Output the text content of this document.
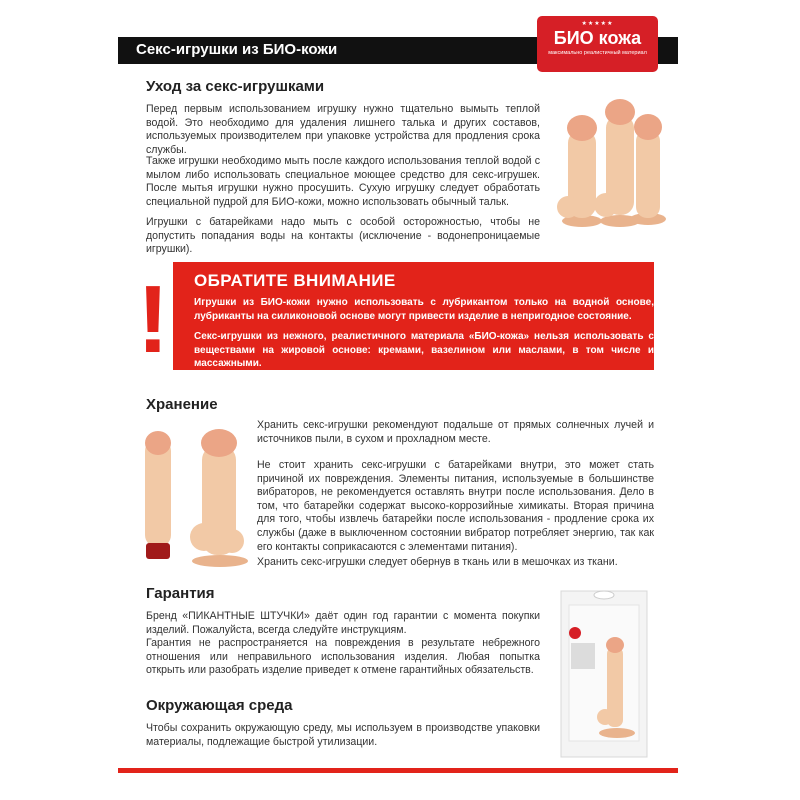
Секс-игрушки из БИО-кожи
★★★★★
БИО кожа
максимально реалистичный материал
Уход за секс-игрушками
Перед первым использованием игрушку нужно тщательно вымыть теплой водой. Это необходимо для удаления лишнего талька и других составов, используемых производителем при упаковке устройства для продления срока службы.
Также игрушки необходимо мыть после каждого использования теплой водой с мылом либо использовать специальное моющее средство для секс-игрушек. После мытья игрушки нужно просушить. Сухую игрушку следует обработать специальной пудрой для БИО-кожи, можно использовать обычный тальк.
Игрушки с батарейками надо мыть с особой осторожностью, чтобы не допустить попадания воды на контакты (исключение - водонепроницаемые игрушки).
! ОБРАТИТЕ ВНИМАНИЕ
Игрушки из БИО-кожи нужно использовать с лубрикантом только на водной основе, лубриканты на силиконовой основе могут привести изделие в непригодное состояние.
Секс-игрушки из нежного, реалистичного материала «БИО-кожа» нельзя использовать с веществами на жировой основе: кремами, вазелином или маслами, в том числе и массажными.
Хранение
Хранить секс-игрушки рекомендуют подальше от прямых солнечных лучей и источников пыли, в сухом и прохладном месте.
Не стоит хранить секс-игрушки с батарейками внутри, это может стать причиной их повреждения. Элементы питания, используемые в большинстве вибраторов, не рекомендуется оставлять внутри после использования. Дело в том, что батарейки содержат высоко-коррозийные химикаты. Вторая причина для того, чтобы извлечь батарейки после использования - продление срока их службы (даже в выключенном состоянии вибратор потребляет энергию, так как его контакты соприкасаются с элементами питания).
Хранить секс-игрушки следует обернув в ткань или в мешочках из ткани.
Гарантия
Бренд «ПИКАНТНЫЕ ШТУЧКИ» даёт один год гарантии с момента покупки изделий. Пожалуйста, всегда следуйте инструкциям.
Гарантия не распространяется на повреждения в результате небрежного отношения или неправильного использования изделия. Любая попытка открыть или разобрать изделие приведет к отмене гарантийных обязательств.
Окружающая среда
Чтобы сохранить окружающую среду, мы используем в производстве упаковки материалы, подлежащие быстрой утилизации.
